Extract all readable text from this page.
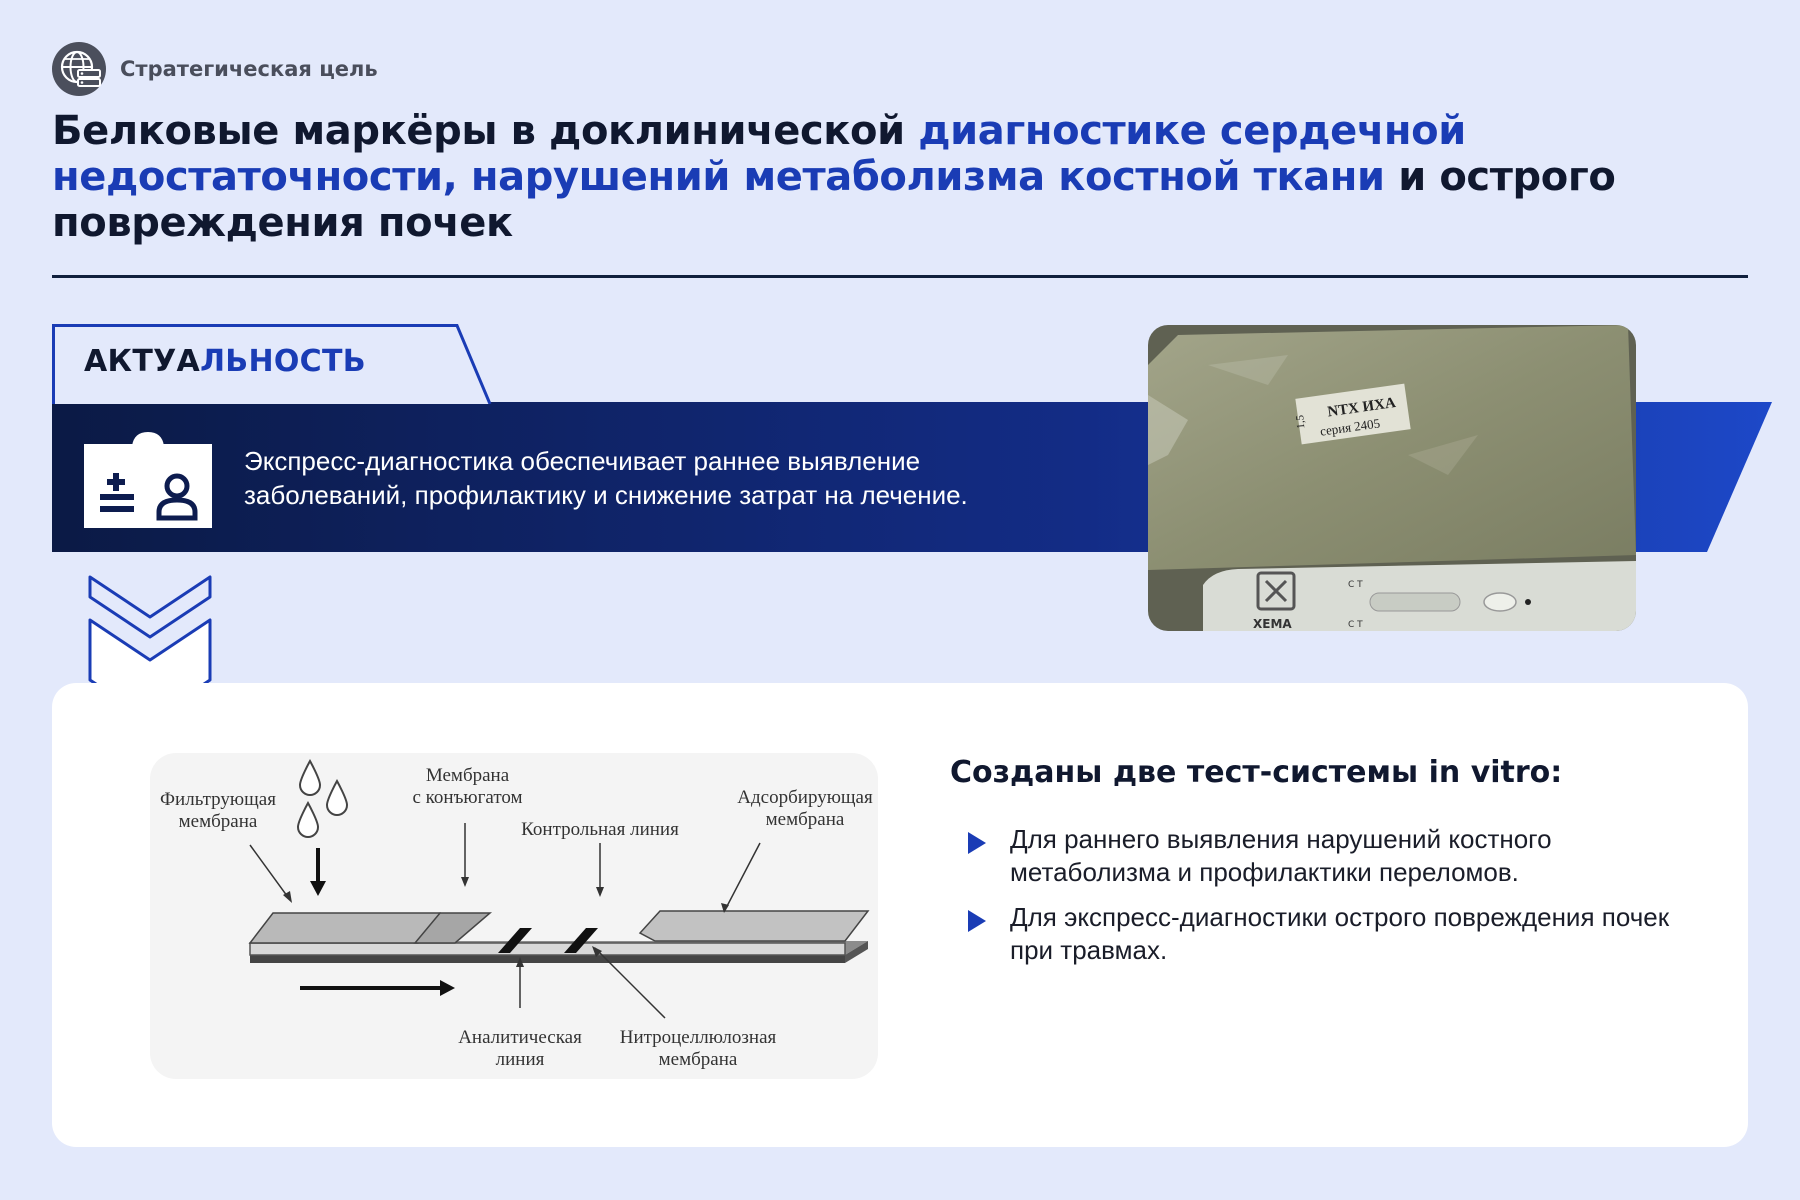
Стратегическая цель
Белковые маркёры в доклинической диагностике сердечной недостаточности, нарушений метаболизма костной ткани и острого повреждения почек

Экспресс-диагностика обеспечивает раннее выявление заболеваний, профилактику и снижение затрат на лечение.

АКТУАЛЬНОСТЬ
NTX ИХА
серия 2405
1,5
ХЕМА
C T
C T
Фильтрующая
мембрана
Мембрана
с конъюгатом
Контрольная линия
Адсорбирующая
мембрана
Аналитическая
линия
Нитроцеллюлозная
мембрана
Созданы две тест-системы in vitro:
Для раннего выявления нарушений костного метаболизма и профилактики переломов.
Для экспресс-диагностики острого повреждения почек при травмах.
